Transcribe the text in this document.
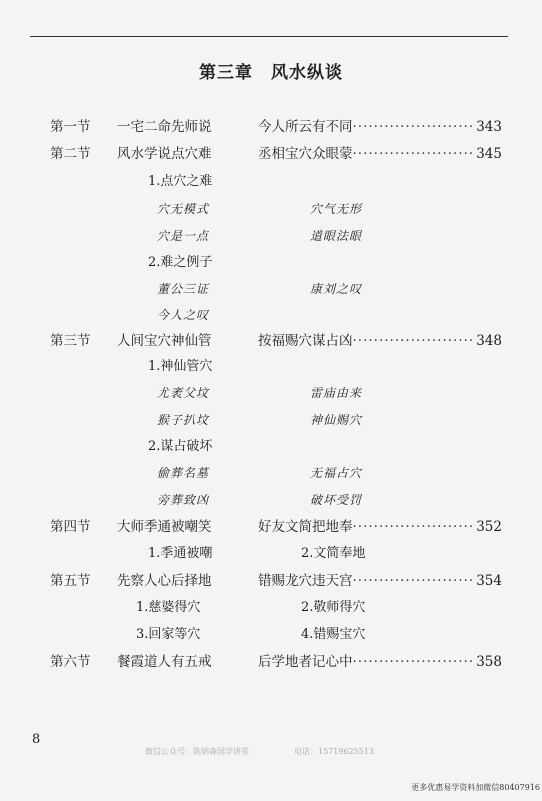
第三章 风水纵谈
第一节	一宅二命先师说	今人所云有不同 ·····	343
第二节	风水学说点穴难	丞相宝穴众眼蒙 ·····	345
1.点穴之难
穴无模式	穴气无形
穴是一点	道眼法眼
2.难之例子
董公三证	康刘之叹
今人之叹
第三节	人间宝穴神仙管	按福赐穴谋占凶 ·····	348
1.神仙管穴
尤袤父坟	雷庙由来
猴子扒坟	神仙赐穴
2.谋占破坏
偷葬名墓	无福占穴
旁葬致凶	破坏受罚
第四节	大师季通被嘲笑	好友文简把地奉 ·····	352
1.季通被嘲	2.文简奉地
第五节	先察人心后择地	错赐龙穴违天宫 ·····	354
1.慈婆得穴	2.敬师得穴
3.回家等穴	4.错赐宝穴
第六节	餐霞道人有五戒	后学地者记心中 ·····	358
8
微信公众号：陈炳森国学讲堂	电话：15719625513
更多优惠易学资料加微信80407916
